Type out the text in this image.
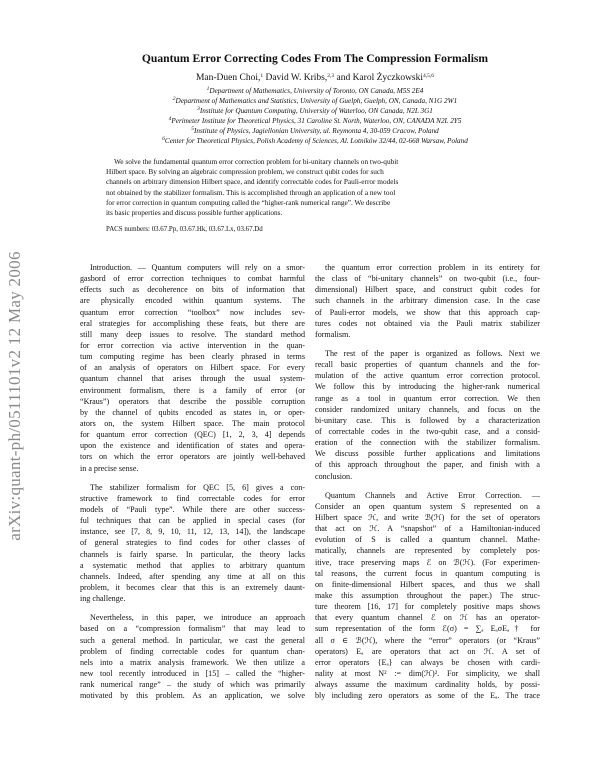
arXiv:quant-ph/0511101v2 12 May 2006
Quantum Error Correcting Codes From The Compression Formalism
Man-Duen Choi,$^1$ David W. Kribs,$^{2,3}$ and Karol Życzkowski$^{4,5,6}$
$^1$Department of Mathematics, University of Toronto, ON Canada, M5S 2E4
$^2$Department of Mathematics and Statistics, University of Guelph, Guelph, ON, Canada, N1G 2W1
$^3$Institute for Quantum Computing, University of Waterloo, ON Canada, N2L 3G1
$^4$Perimeter Institute for Theoretical Physics, 31 Caroline St. North, Waterloo, ON, CANADA N2L 2Y5
$^5$Institute of Physics, Jagiellonian University, ul. Reymonta 4, 30-059 Cracow, Poland
$^6$Center for Theoretical Physics, Polish Academy of Sciences, Al. Lotników 32/44, 02-668 Warsaw, Poland
We solve the fundamental quantum error correction problem for bi-unitary channels on two-qubit
Hilbert space. By solving an algebraic compression problem, we construct qubit codes for such
channels on arbitrary dimension Hilbert space, and identify correctable codes for Pauli-error models
not obtained by the stabilizer formalism. This is accomplished through an application of a new tool
for error correction in quantum computing called the “higher-rank numerical range”. We describe
its basic properties and discuss possible further applications.
PACS numbers: 03.67.Pp, 03.67.Hk, 03.67.Lx, 03.67.Dd
Introduction. — Quantum computers will rely on a smor-
gasbord of error correction techniques to combat harmful
effects such as decoherence on bits of information that
are physically encoded within quantum systems. The
quantum error correction “toolbox” now includes sev-
eral strategies for accomplishing these feats, but there are
still many deep issues to resolve. The standard method
for error correction via active intervention in the quan-
tum computing regime has been clearly phrased in terms
of an analysis of operators on Hilbert space. For every
quantum channel that arises through the usual system-
environment formalism, there is a family of error (or
“Kraus”) operators that describe the possible corruption
by the channel of qubits encoded as states in, or oper-
ators on, the system Hilbert space. The main protocol
for quantum error correction (QEC) [1, 2, 3, 4] depends
upon the existence and identification of states and opera-
tors on which the error operators are jointly well-behaved
in a precise sense.
The stabilizer formalism for QEC [5, 6] gives a con-
structive framework to find correctable codes for error
models of “Pauli type”. While there are other success-
ful techniques that can be applied in special cases (for
instance, see [7, 8, 9, 10, 11, 12, 13, 14]), the landscape
of general strategies to find codes for other classes of
channels is fairly sparse. In particular, the theory lacks
a systematic method that applies to arbitrary quantum
channels. Indeed, after spending any time at all on this
problem, it becomes clear that this is an extremely daunt-
ing challenge.
Nevertheless, in this paper, we introduce an approach
based on a “compression formalism” that may lead to
such a general method. In particular, we cast the general
problem of finding correctable codes for quantum chan-
nels into a matrix analysis framework. We then utilize a
new tool recently introduced in [15] – called the “higher-
rank numerical range” – the study of which was primarily
motivated by this problem. As an application, we solve
the quantum error correction problem in its entirety for
the class of “bi-unitary channels” on two-qubit (i.e., four-
dimensional) Hilbert space, and construct qubit codes for
such channels in the arbitrary dimension case. In the case
of Pauli-error models, we show that this approach cap-
tures codes not obtained via the Pauli matrix stabilizer
formalism.
The rest of the paper is organized as follows. Next we
recall basic properties of quantum channels and the for-
mulation of the active quantum error correction protocol.
We follow this by introducing the higher-rank numerical
range as a tool in quantum error correction. We then
consider randomized unitary channels, and focus on the
bi-unitary case. This is followed by a characterization
of correctable codes in the two-qubit case, and a consid-
eration of the connection with the stabilizer formalism.
We discuss possible further applications and limitations
of this approach throughout the paper, and finish with a
conclusion.
Quantum Channels and Active Error Correction. —
Consider an open quantum system S represented on a
Hilbert space ℋ, and write ℬ(ℋ) for the set of operators
that act on ℋ. A “snapshot” of a Hamiltonian-induced
evolution of S is called a quantum channel. Mathe-
matically, channels are represented by completely pos-
itive, trace preserving maps ℰ on ℬ(ℋ). (For experimen-
tal reasons, the current focus in quantum computing is
on finite-dimensional Hilbert spaces, and thus we shall
make this assumption throughout the paper.) The struc-
ture theorem [16, 17] for completely positive maps shows
that every quantum channel ℰ on ℋ has an operator-
sum representation of the form ℰ(σ) = ∑ₐ EₐσEₐ† for
all σ ∈ ℬ(ℋ), where the “error” operators (or “Kraus”
operators) Eₐ are operators that act on ℋ. A set of
error operators {Eₐ} can always be chosen with cardi-
nality at most N² := dim(ℋ)². For simplicity, we shall
always assume the maximum cardinality holds, by possi-
bly including zero operators as some of the Eₐ. The trace
